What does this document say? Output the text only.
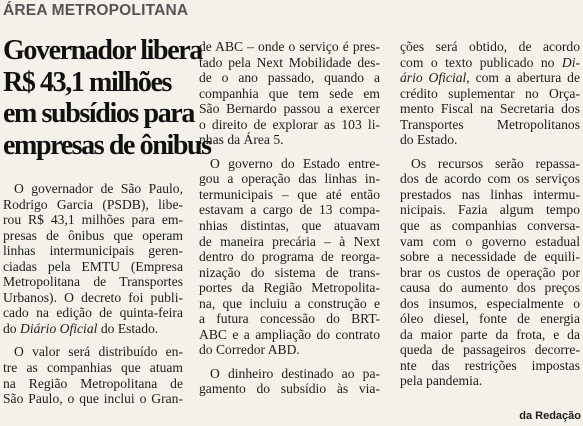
ÁREA METROPOLITANA
Governador libera
R$ 43,1 milhões
em subsídios para
empresas de ônibus

O governador de São Paulo,
Rodrigo Garcia (PSDB), libe-
rou R$ 43,1 milhões para em-
presas de ônibus que operam
linhas intermunicipais geren-
ciadas pela EMTU (Empresa
Metropolitana de Transportes
Urbanos). O decreto foi publi-
cado na edição de quinta-feira
do Diário Oficial do Estado.

O valor será distribuído en-
tre as companhias que atuam
na Região Metropolitana de
São Paulo, o que inclui o Gran-

de ABC – onde o serviço é pres-
tado pela Next Mobilidade des-
de o ano passado, quando a
companhia que tem sede em
São Bernardo passou a exercer
o direito de explorar as 103 li-
nhas da Área 5.

O governo do Estado entre-
gou a operação das linhas in-
termunicipais – que até então
estavam a cargo de 13 compa-
nhias distintas, que atuavam
de maneira precária – à Next
dentro do programa de reorga-
nização do sistema de trans-
portes da Região Metropolita-
na, que incluiu a construção e
a futura concessão do BRT-
ABC e a ampliação do contrato
do Corredor ABD.

O dinheiro destinado ao pa-
gamento do subsídio às via-

ções será obtido, de acordo
com o texto publicado no Di-
ário Oficial, com a abertura de
crédito suplementar no Orça-
mento Fiscal na Secretaria dos
Transportes Metropolitanos
do Estado.

Os recursos serão repassa-
dos de acordo com os serviços
prestados nas linhas intermu-
nicipais. Fazia algum tempo
que as companhias conversa-
vam com o governo estadual
sobre a necessidade de equili-
brar os custos de operação por
causa do aumento dos preços
dos insumos, especialmente o
óleo diesel, fonte de energia
da maior parte da frota, e da
queda de passageiros decorre-
nte das restrições impostas
pela pandemia.

da Redação
